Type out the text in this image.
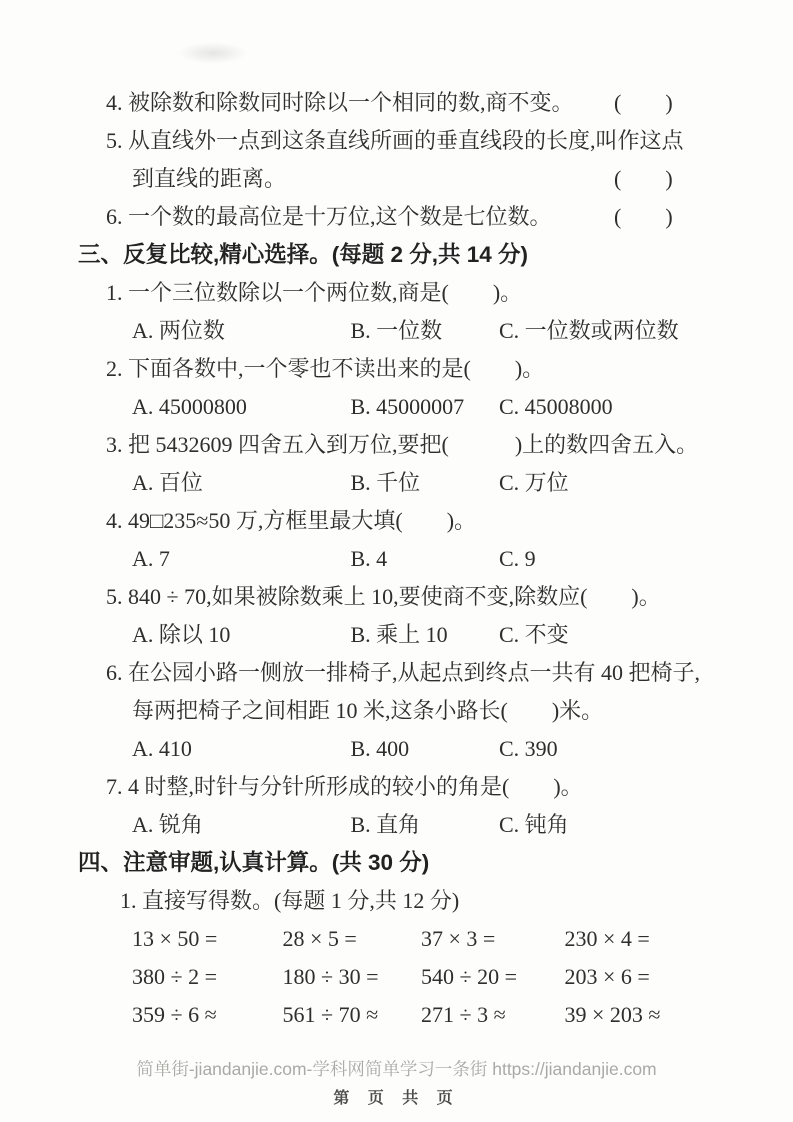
4. 被除数和除数同时除以一个相同的数,商不变。 (　　)
5. 从直线外一点到这条直线所画的垂直线段的长度,叫作这点
到直线的距离。	(　　)
6. 一个数的最高位是十万位,这个数是七位数。	(　　)
三、反复比较,精心选择。(每题 2 分,共 14 分)
1. 一个三位数除以一个两位数,商是(　　)。
A. 两位数	B. 一位数	C. 一位数或两位数
2. 下面各数中,一个零也不读出来的是(　　)。
A. 45000800	B. 45000007 C. 45008000
3. 把 5432609 四舍五入到万位,要把(　　　)上的数四舍五入。
A. 百位	B. 千位	C. 万位
4. 49□235≈50 万,方框里最大填(　　)。
A. 7	B. 4	C. 9
5. 840 ÷ 70,如果被除数乘上 10,要使商不变,除数应(　　)。
A. 除以 10	B. 乘上 10 C. 不变
6. 在公园小路一侧放一排椅子,从起点到终点一共有 40 把椅子,
每两把椅子之间相距 10 米,这条小路长(　　)米。
A. 410	B. 400	C. 390
7. 4 时整,时针与分针所形成的较小的角是(　　)。
A. 锐角	B. 直角	C. 钝角
四、注意审题,认真计算。(共 30 分)
1. 直接写得数。(每题 1 分,共 12 分)
13 × 50 =	28 × 5 =	37 × 3 =	230 × 4 =
380 ÷ 2 =	180 ÷ 30 = 540 ÷ 20 = 203 × 6 =
359 ÷ 6 ≈	561 ÷ 70 ≈ 271 ÷ 3 ≈	39 × 203 ≈
简单街-jiandanjie.com-学科网简单学习一条街 https://jiandanjie.com
第 页 共 页
